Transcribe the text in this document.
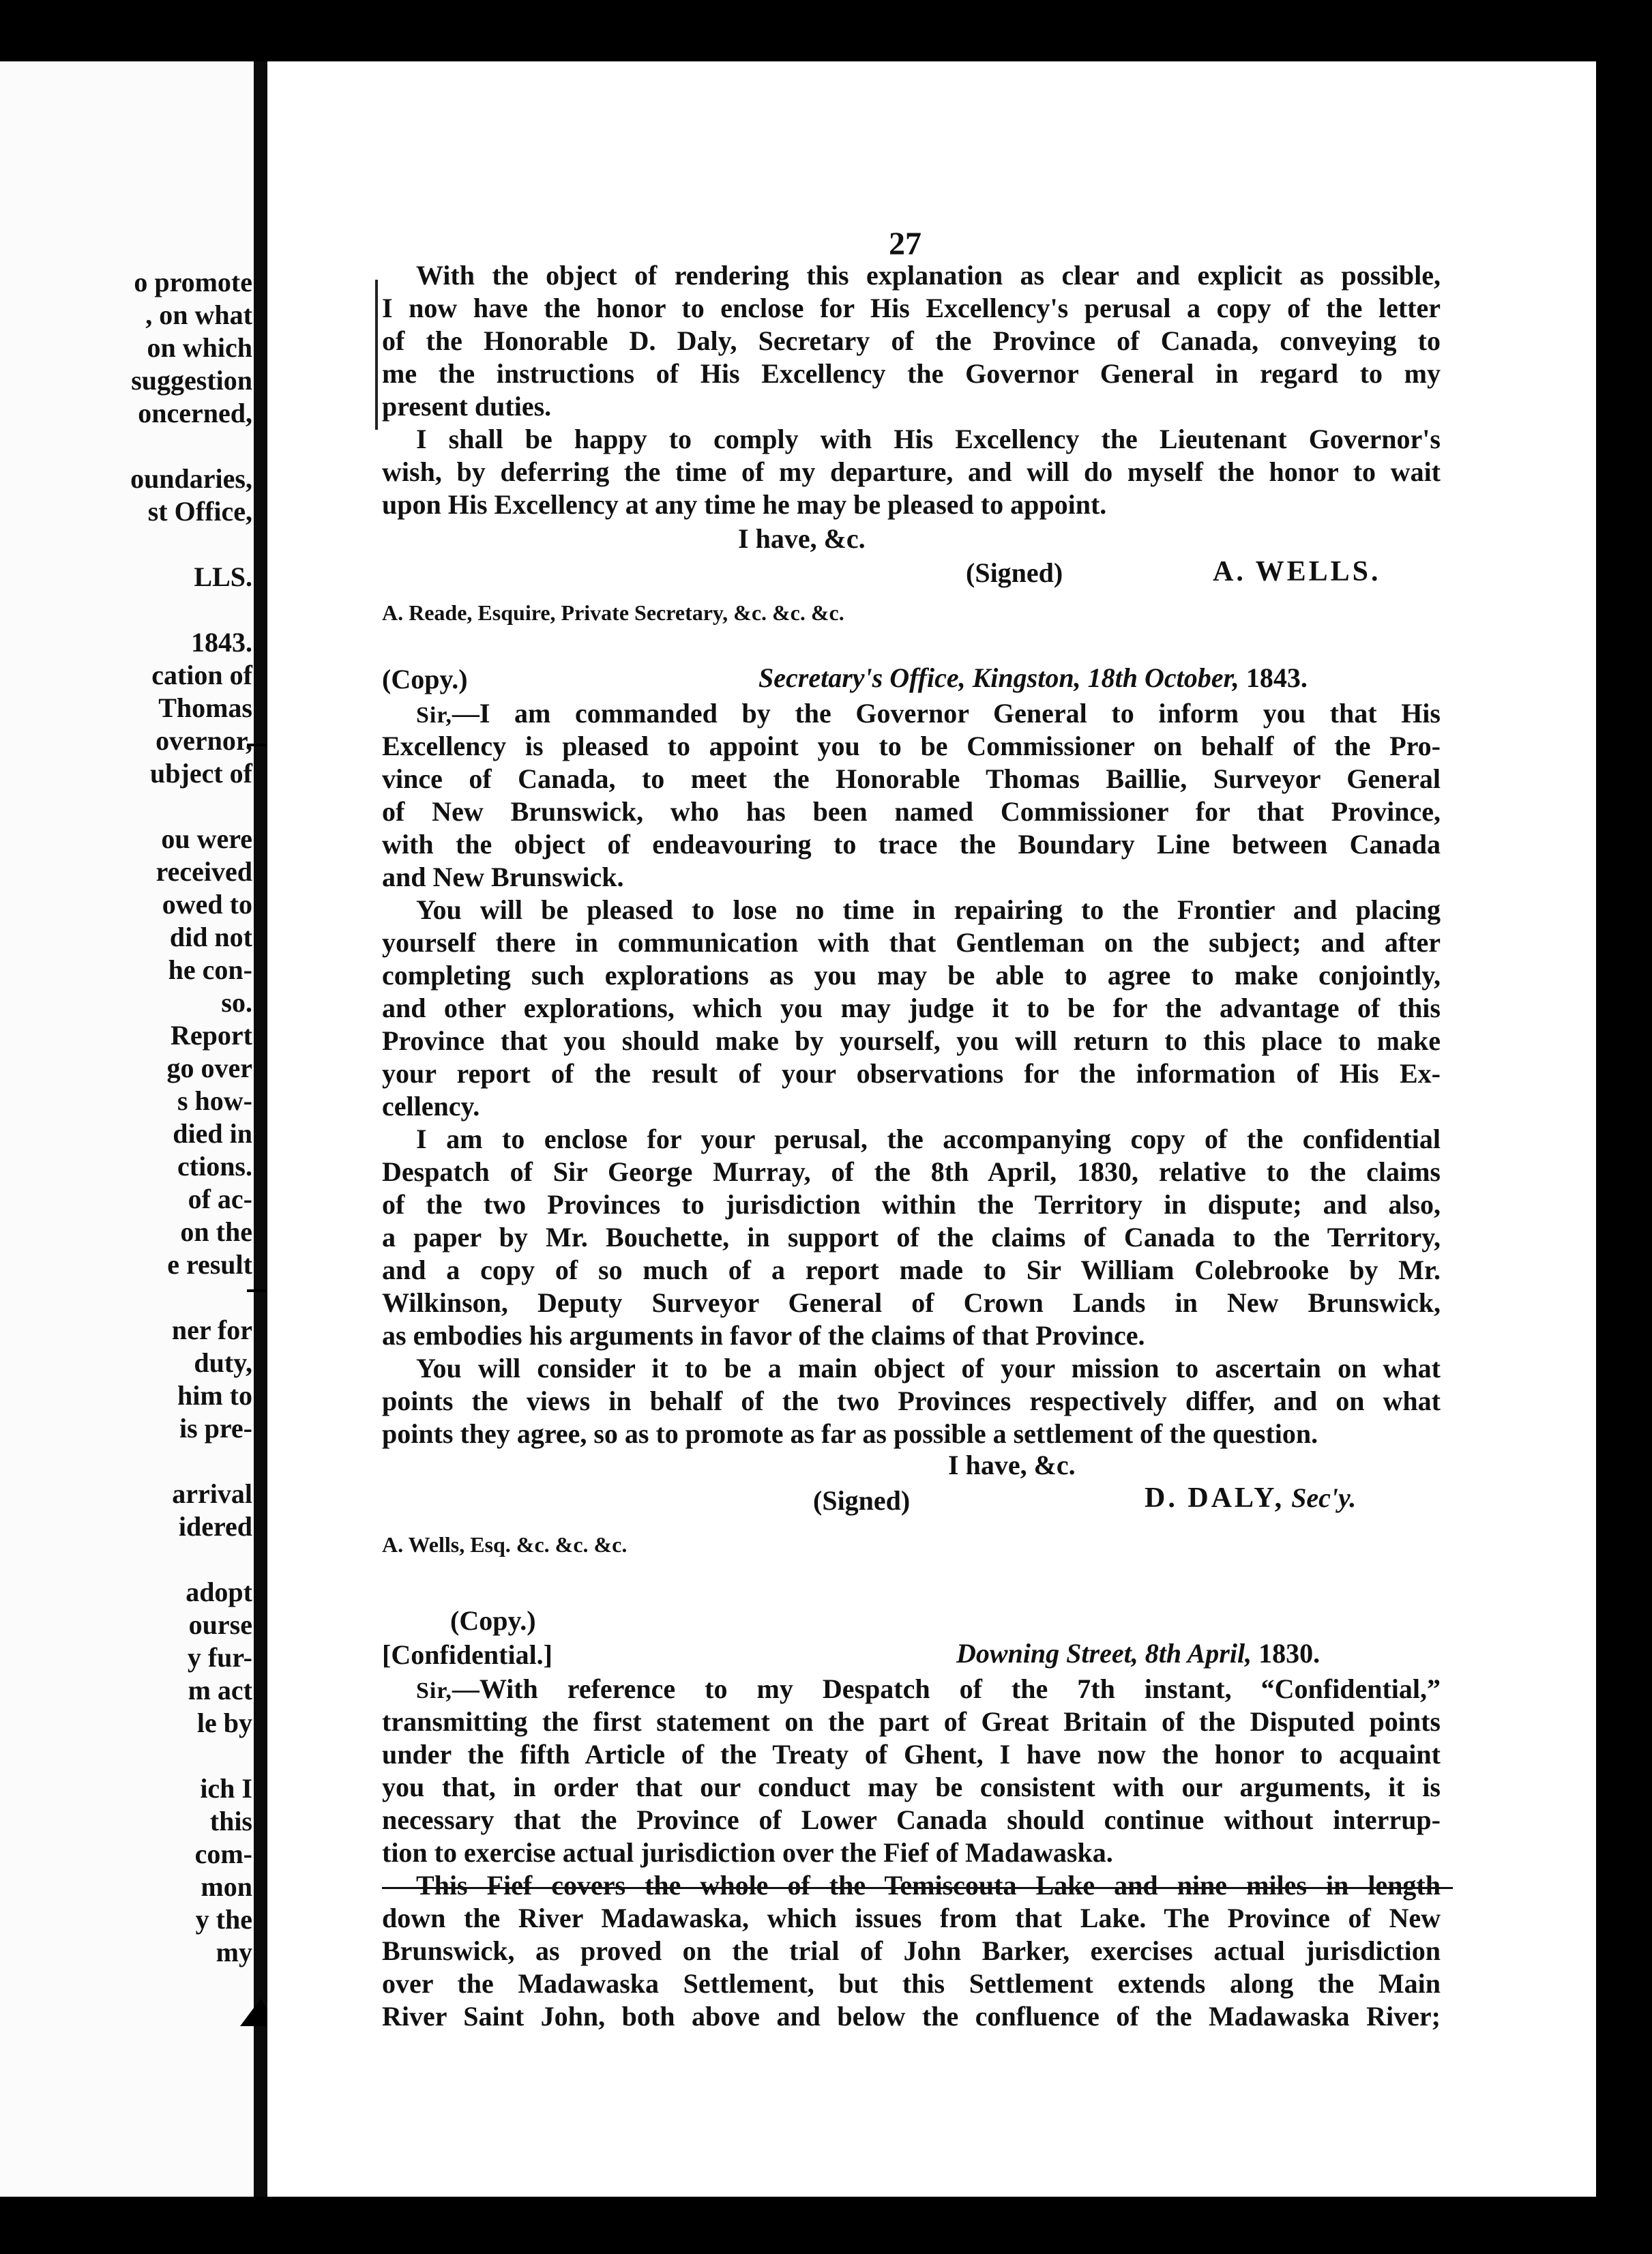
o promote
, on what
on which
suggestion
oncerned,
oundaries,
st Office,
LLS.
1843.
cation of
Thomas
overnor,
ubject of
ou were
received
owed to
did not
he con-
so.
Report
go over
s how-
died in
ctions.
of ac-
on the
e result
ner for
duty,
him to
is pre-
arrival
idered
adopt
ourse
y fur-
m act
le by
ich I
this
com-
mon
y the
my
27
With the object of rendering this explanation as clear and explicit as possible,
I now have the honor to enclose for His Excellency's perusal a copy of the letter
of the Honorable D. Daly, Secretary of the Province of Canada, conveying to
me the instructions of His Excellency the Governor General in regard to my
present duties.
I shall be happy to comply with His Excellency the Lieutenant Governor's
wish, by deferring the time of my departure, and will do myself the honor to wait
upon His Excellency at any time he may be pleased to appoint.
I have, &c.
(Signed)	A. WELLS.
A. Reade, Esquire, Private Secretary, &c. &c. &c.
(Copy.)	Secretary's Office, Kingston, 18th October, 1843.
Sir,—I am commanded by the Governor General to inform you that His
Excellency is pleased to appoint you to be Commissioner on behalf of the Pro-
vince of Canada, to meet the Honorable Thomas Baillie, Surveyor General
of New Brunswick, who has been named Commissioner for that Province,
with the object of endeavouring to trace the Boundary Line between Canada
and New Brunswick.
You will be pleased to lose no time in repairing to the Frontier and placing
yourself there in communication with that Gentleman on the subject; and after
completing such explorations as you may be able to agree to make conjointly,
and other explorations, which you may judge it to be for the advantage of this
Province that you should make by yourself, you will return to this place to make
your report of the result of your observations for the information of His Ex-
cellency.
I am to enclose for your perusal, the accompanying copy of the confidential
Despatch of Sir George Murray, of the 8th April, 1830, relative to the claims
of the two Provinces to jurisdiction within the Territory in dispute; and also,
a paper by Mr. Bouchette, in support of the claims of Canada to the Territory,
and a copy of so much of a report made to Sir William Colebrooke by Mr.
Wilkinson, Deputy Surveyor General of Crown Lands in New Brunswick,
as embodies his arguments in favor of the claims of that Province.
You will consider it to be a main object of your mission to ascertain on what
points the views in behalf of the two Provinces respectively differ, and on what
points they agree, so as to promote as far as possible a settlement of the question.
I have, &c.
(Signed)	D. DALY, Sec'y.
A. Wells, Esq. &c. &c. &c.
(Copy.)
[Confidential.]	Downing Street, 8th April, 1830.
Sir,—With reference to my Despatch of the 7th instant, “Confidential,”
transmitting the first statement on the part of Great Britain of the Disputed points
under the fifth Article of the Treaty of Ghent, I have now the honor to acquaint
you that, in order that our conduct may be consistent with our arguments, it is
necessary that the Province of Lower Canada should continue without interrup-
tion to exercise actual jurisdiction over the Fief of Madawaska.
This Fief covers the whole of the Temiscouta Lake and nine miles in length
down the River Madawaska, which issues from that Lake. The Province of New
Brunswick, as proved on the trial of John Barker, exercises actual jurisdiction
over the Madawaska Settlement, but this Settlement extends along the Main
River Saint John, both above and below the confluence of the Madawaska River;
